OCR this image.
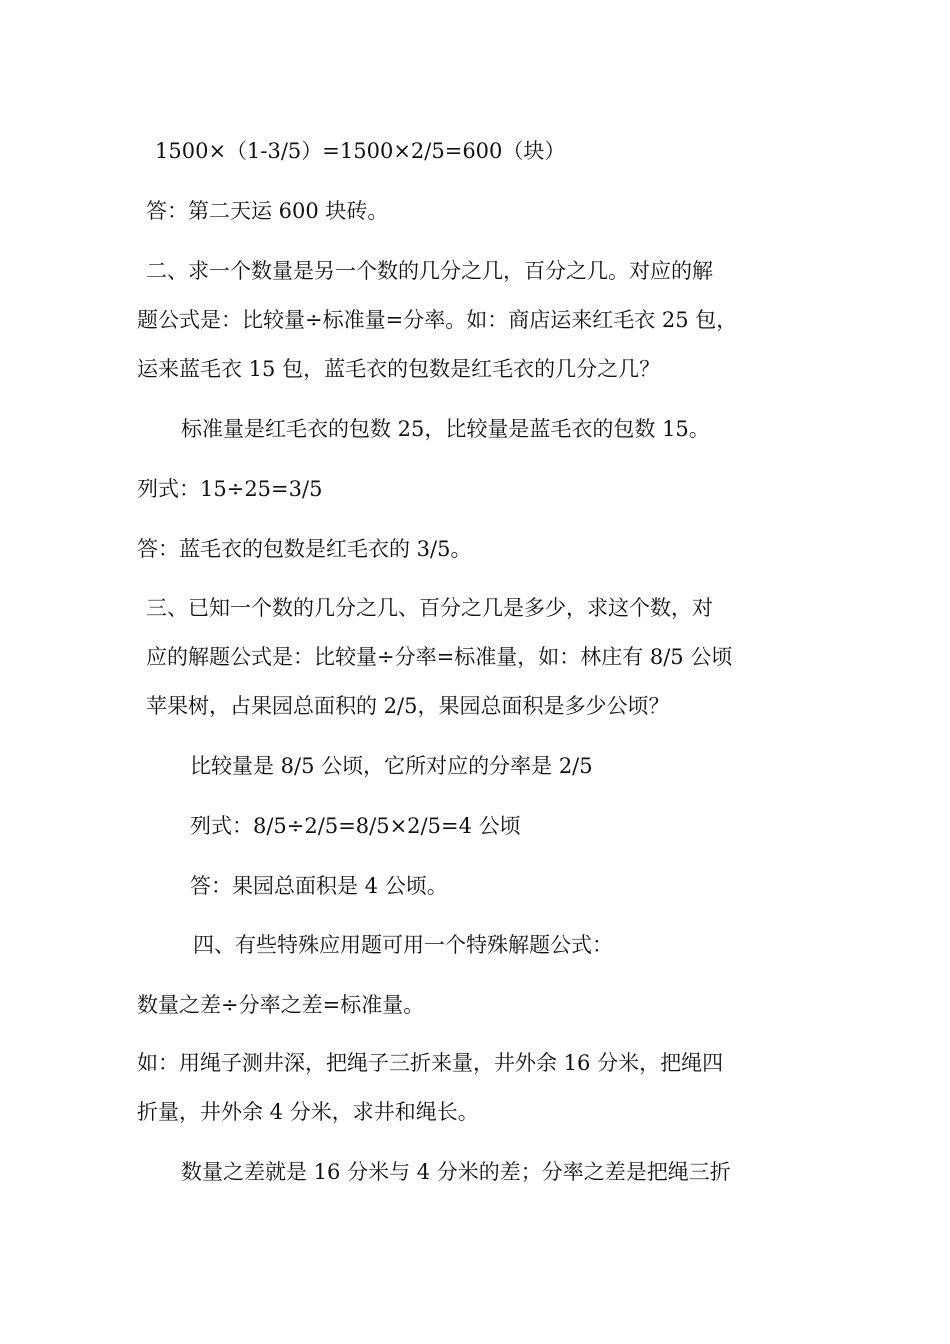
1500×（1-3/5）=1500×2/5=600（块）
答：第二天运 600 块砖。
二、求一个数量是另一个数的几分之几，百分之几。对应的解
题公式是：比较量÷标准量=分率。如：商店运来红毛衣 25 包，
运来蓝毛衣 15 包，蓝毛衣的包数是红毛衣的几分之几？
标准量是红毛衣的包数 25，比较量是蓝毛衣的包数 15。
列式：15÷25=3/5
答：蓝毛衣的包数是红毛衣的 3/5。
三、已知一个数的几分之几、百分之几是多少，求这个数，对
应的解题公式是：比较量÷分率=标准量，如：林庄有 8/5 公顷
苹果树，占果园总面积的 2/5，果园总面积是多少公顷？
比较量是 8/5 公顷，它所对应的分率是 2/5
列式：8/5÷2/5=8/5×2/5=4 公顷
答：果园总面积是 4 公顷。
四、有些特殊应用题可用一个特殊解题公式：
数量之差÷分率之差=标准量。
如：用绳子测井深，把绳子三折来量，井外余 16 分米，把绳四
折量，井外余 4 分米，求井和绳长。
数量之差就是 16 分米与 4 分米的差；分率之差是把绳三折
